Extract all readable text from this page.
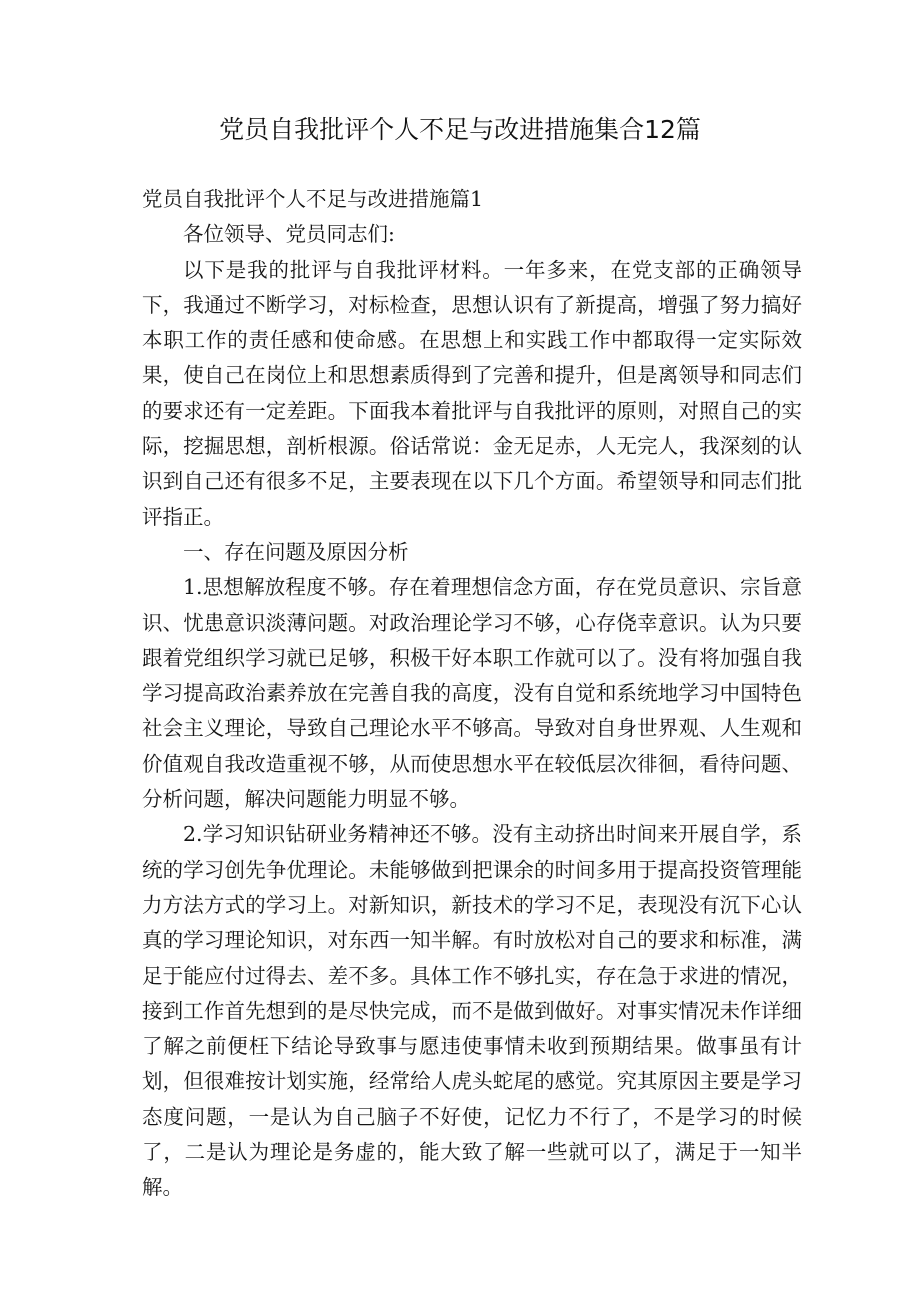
党员自我批评个人不足与改进措施集合12篇

党员自我批评个人不足与改进措施篇1

各位领导、党员同志们:

以下是我的批评与自我批评材料。一年多来，在党支部的正确领导下，我通过不断学习，对标检查，思想认识有了新提高，增强了努力搞好本职工作的责任感和使命感。在思想上和实践工作中都取得一定实际效果，使自己在岗位上和思想素质得到了完善和提升，但是离领导和同志们的要求还有一定差距。下面我本着批评与自我批评的原则，对照自己的实际，挖掘思想，剖析根源。俗话常说：金无足赤，人无完人，我深刻的认识到自己还有很多不足，主要表现在以下几个方面。希望领导和同志们批评指正。

一、存在问题及原因分析

1.思想解放程度不够。存在着理想信念方面，存在党员意识、宗旨意识、忧患意识淡薄问题。对政治理论学习不够，心存侥幸意识。认为只要跟着党组织学习就已足够，积极干好本职工作就可以了。没有将加强自我学习提高政治素养放在完善自我的高度，没有自觉和系统地学习中国特色社会主义理论，导致自己理论水平不够高。导致对自身世界观、人生观和价值观自我改造重视不够，从而使思想水平在较低层次徘徊，看待问题、分析问题，解决问题能力明显不够。

2.学习知识钻研业务精神还不够。没有主动挤出时间来开展自学，系统的学习创先争优理论。未能够做到把课余的时间多用于提高投资管理能力方法方式的学习上。对新知识，新技术的学习不足，表现没有沉下心认真的学习理论知识，对东西一知半解。有时放松对自己的要求和标准，满足于能应付过得去、差不多。具体工作不够扎实，存在急于求进的情况，接到工作首先想到的是尽快完成，而不是做到做好。对事实情况未作详细了解之前便枉下结论导致事与愿违使事情未收到预期结果。做事虽有计划，但很难按计划实施，经常给人虎头蛇尾的感觉。究其原因主要是学习态度问题，一是认为自己脑子不好使，记忆力不行了，不是学习的时候了，二是认为理论是务虚的，能大致了解一些就可以了，满足于一知半解。
